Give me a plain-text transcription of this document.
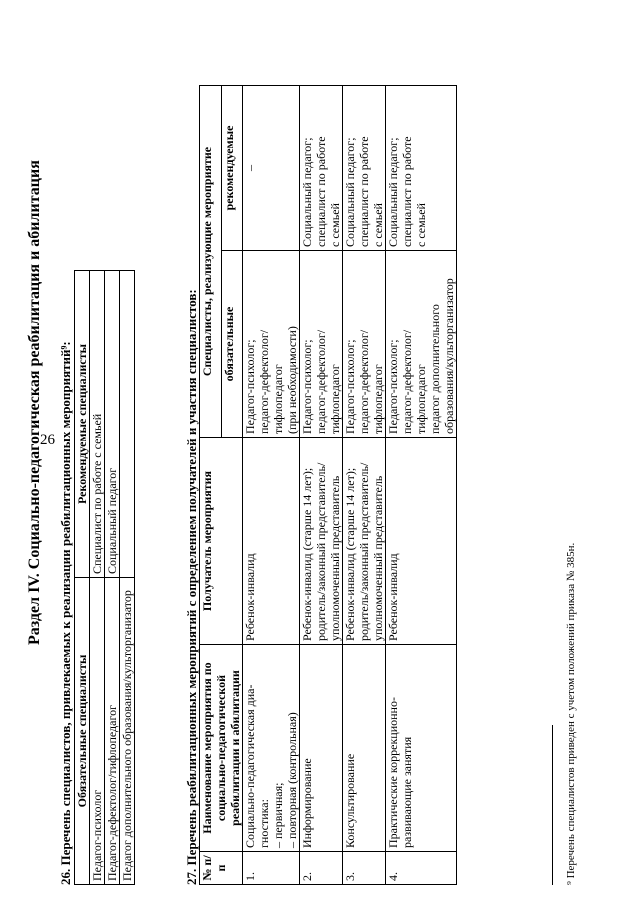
26
Раздел IV. Социально-педагогическая реабилитация и абилитация 26. Перечень специалистов, привлекаемых к реализации реабилитационных мероприятий⁹: Обязательные специалисты	Рекомендуемые специалисты
Педагог-психолог	Специалист по работе с семьей
Педагог-дефектолог/тифлопедагог	Социальный педагог
Педагог дополнительного образования/культорганизатор		27. Перечень реабилитационных мероприятий с определением получателей и участия специалистов: № п/п	Наименование мероприятия по социально-педагогической реабилитации и абилитации	Получатель мероприятия	Специалисты, реализующие мероприятие	
			обязательные	рекомендуемые
1.	Социально-педагогическая диа- гностика: – первичная; – повторная (контрольная)	Ребенок-инвалид	Педагог-психолог; педагог-дефектолог/ тифлопедагог (при необходимости)	–

2.	Информирование	Ребенок-инвалид (старше 14 лет); родитель/законный представитель/ уполномоченный представитель	Педагог-психолог; педагог-дефектолог/ тифлопедагог	Социальный педагог; специалист по работе с семьей

3.	Консультирование	Ребенок-инвалид (старше 14 лет); родитель/законный представитель/ уполномоченный представитель	Педагог-психолог; педагог-дефектолог/ тифлопедагог	Социальный педагог; специалист по работе с семьей

4.	Практические коррекционно- развивающие занятия	Ребенок-инвалид	Педагог-психолог; педагог-дефектолог/ тифлопедагог педагог дополнительного образования/культорганизатор	Социальный педагог; специалист по работе с семьей
⁹ Перечень специалистов приведен с учетом положений приказа № 385н.
